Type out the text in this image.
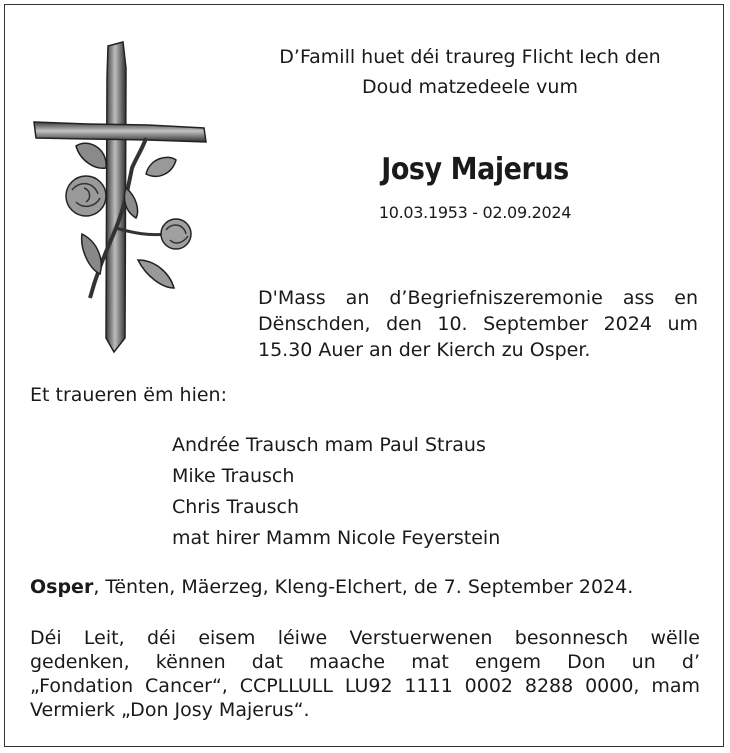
D’Famill huet déi traureg Flicht Iech den
Doud matzedeele vum
Josy Majerus
10.03.1953 - 02.09.2024
D'Mass an d’Begriefniszeremonie ass en
Dënschden, den 10. September 2024 um
15.30 Auer an der Kierch zu Osper.
Et traueren ëm hien:
Andrée Trausch mam Paul Straus
Mike Trausch
Chris Trausch
mat hirer Mamm Nicole Feyerstein
Osper, Tënten, Mäerzeg, Kleng-Elchert, de 7. September 2024.
Déi Leit, déi eisem léiwe Verstuerwenen besonnesch wëlle
gedenken, kënnen dat maache mat engem Don un d’
„Fondation Cancer“, CCPLLULL LU92 1111 0002 8288 0000, mam
Vermierk „Don Josy Majerus“.
